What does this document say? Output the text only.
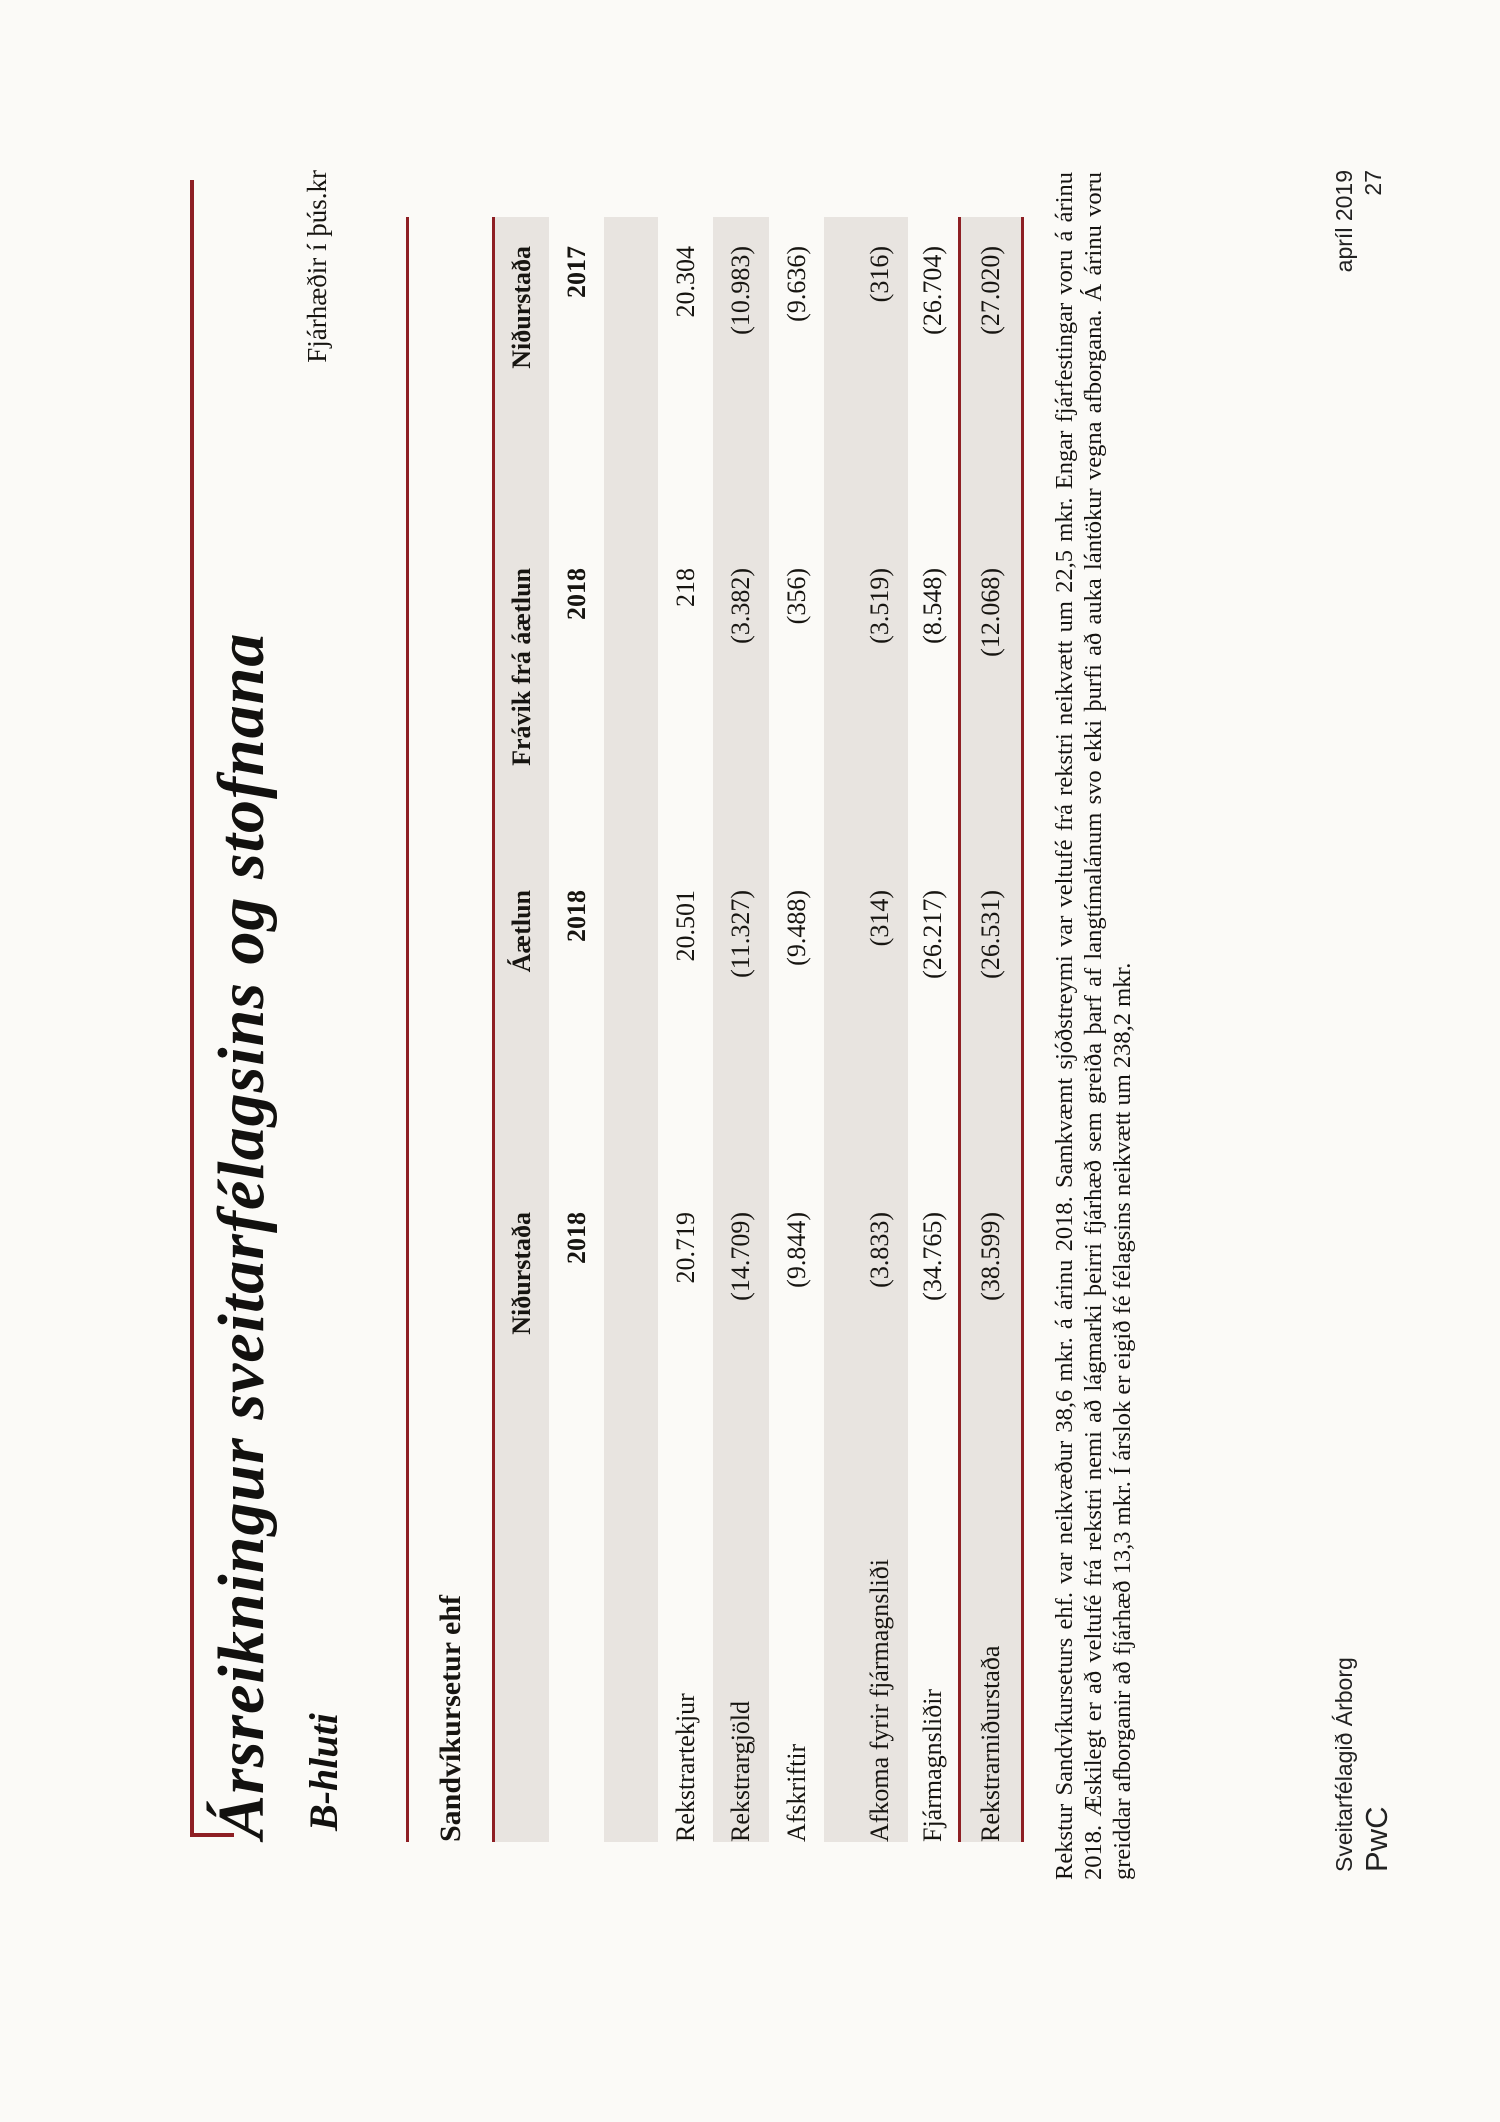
Ársreikningur sveitarfélagsins og stofnana B-hluti
Fjárhæðir í þús.kr
Sandvíkursetur ehf
Niðurstaða
Áætlun
Frávik frá áætlun
Niðurstaða
2018
2018
2018
2017
Rekstrartekjur
20.719
20.501
218
20.304
Rekstrargjöld
(14.709)
(11.327)
(3.382)
(10.983)
Afskriftir
(9.844)
(9.488)
(356)
(9.636)
Afkoma fyrir fjármagnsliði
(3.833)
(314)
(3.519)
(316)
Fjármagnsliðir
(34.765)
(26.217)
(8.548)
(26.704)
Rekstrarniðurstaða
(38.599)
(26.531)
(12.068)
(27.020) Rekstur Sandvíkurseturs ehf. var neikvæður 38,6 mkr. á árinu 2018. Samkvæmt sjóðstreymi var veltufé frá rekstri neikvætt um 22,5 mkr. Engar fjárfestingar voru á árinu 2018. Æskilegt er að veltufé frá rekstri nemi að lágmarki þeirri fjárhæð sem greiða þarf af langtímalánum svo ekki þurfi að auka lántökur vegna afborgana. Á árinu voru greiddar afborganir að fjárhæð 13,3 mkr. Í árslok er eigið fé félagsins neikvætt um 238,2 mkr.	Sveitarfélagið Árborg PwC
apríl 2019 27
